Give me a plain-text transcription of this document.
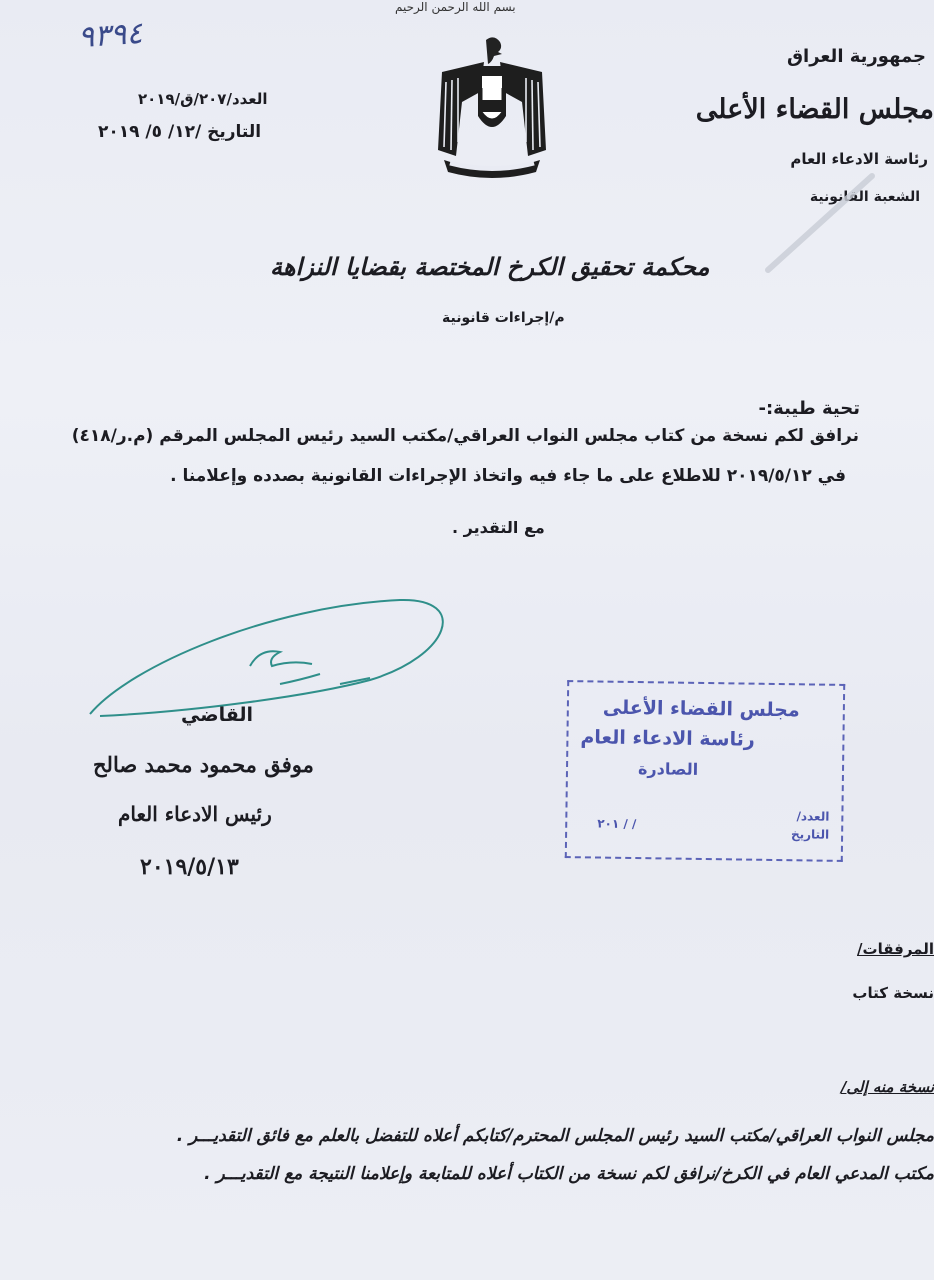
بسم الله الرحمن الرحيم
٩٣٩٤
العدد/٢٠٧/ق/٢٠١٩
التاريخ /١٢/ ٥/ ٢٠١٩
جمهورية العراق
مجلس القضاء الأعلى
رئاسة الادعاء العام
الشعبة القانونية
محكمة تحقيق الكرخ المختصة بقضايا النزاهة
م/إجراءات قانونية
تحية طيبة:-
نرافق لكم نسخة من كتاب مجلس النواب العراقي/مكتب السيد رئيس المجلس المرقم (م.ر/٤١٨)
في ٢٠١٩/٥/١٢ للاطلاع على ما جاء فيه واتخاذ الإجراءات القانونية بصدده وإعلامنا .
مع التقدير .
القاضي
موفق محمود محمد صالح
رئيس الادعاء العام
٢٠١٩/٥/١٣
مجلس القضاء الأعلى
رئاسة الادعاء العام
الصادرة
العدد/
التاريخ
٢٠١ / /
المرفقات/
نسخة كتاب
نسخة منه إلى/
مجلس النواب العراقي/مكتب السيد رئيس المجلس المحترم/كتابكم أعلاه للتفضل بالعلم مع فائق التقديـــر .
مكتب المدعي العام في الكرخ/نرافق لكم نسخة من الكتاب أعلاه للمتابعة وإعلامنا النتيجة مع التقديـــر .
